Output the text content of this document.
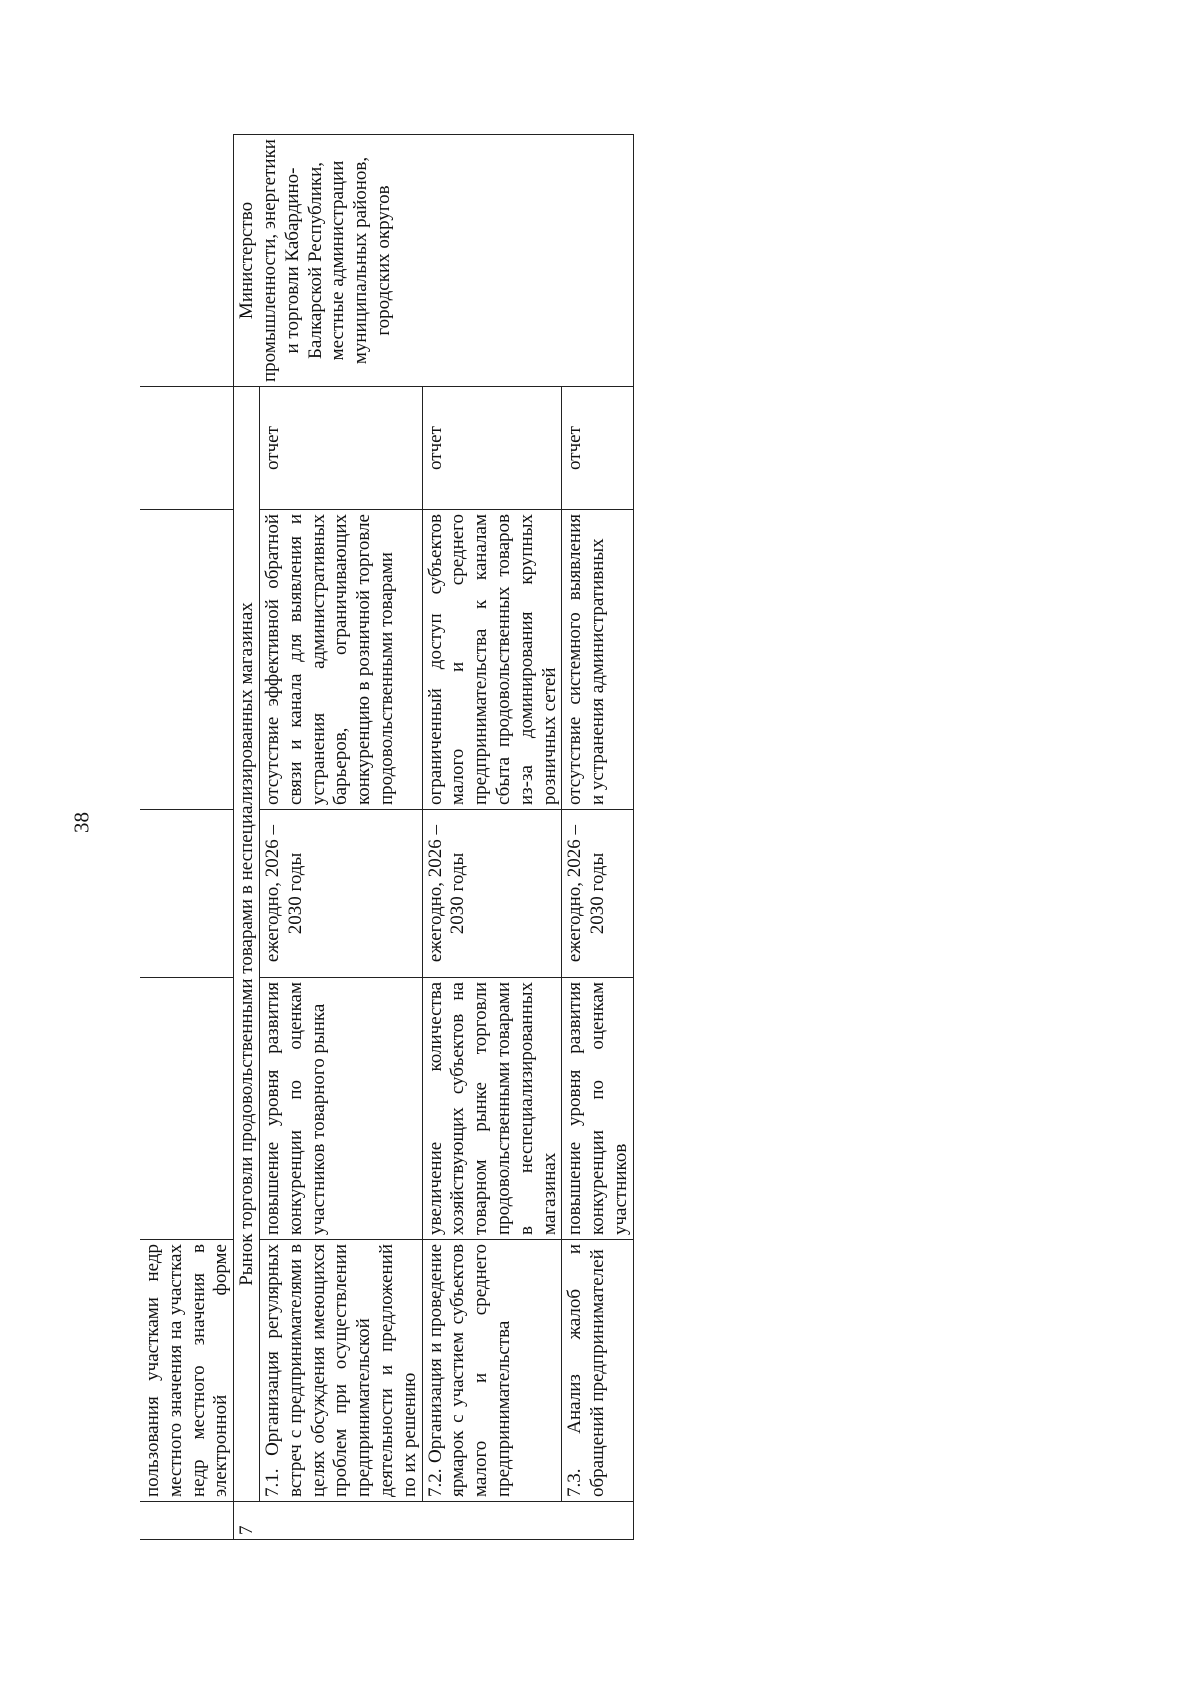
38
	пользования участками недр местного значения на участках недр местного значения в электронной форме					
7	Рынок торговли продовольственными товарами в неспециализированных магазинах					Министерство промышленности, энергетики и торговли Кабардино-Балкарской Республики, местные администрации муниципальных районов, городских округов
	7.1. Организация регулярных встреч с предпринимателями в целях обсуждения имеющихся проблем при осуществлении предпринимательской деятельности и предложений по их решению	повышение уровня развития конкуренции по оценкам участников товарного рынка	ежегодно, 2026 – 2030 годы	отсутствие эффективной обратной связи и канала для выявления и устранения административных барьеров, ограничивающих конкуренцию в розничной торговле продовольственными товарами	отчет	
	7.2. Организация и проведение ярмарок с участием субъектов малого и среднего предпринимательства	увеличение количества хозяйствующих субъектов на товарном рынке торговли продовольственными товарами в неспециализированных магазинах	ежегодно, 2026 – 2030 годы	ограниченный доступ субъектов малого и среднего предпринимательства к каналам сбыта продовольственных товаров из-за доминирования крупных розничных сетей	отчет	
	7.3. Анализ жалоб и обращений предпринимателей	повышение уровня развития конкуренции по оценкам участников	ежегодно, 2026 – 2030 годы	отсутствие системного выявления и устранения административных	отчет	
